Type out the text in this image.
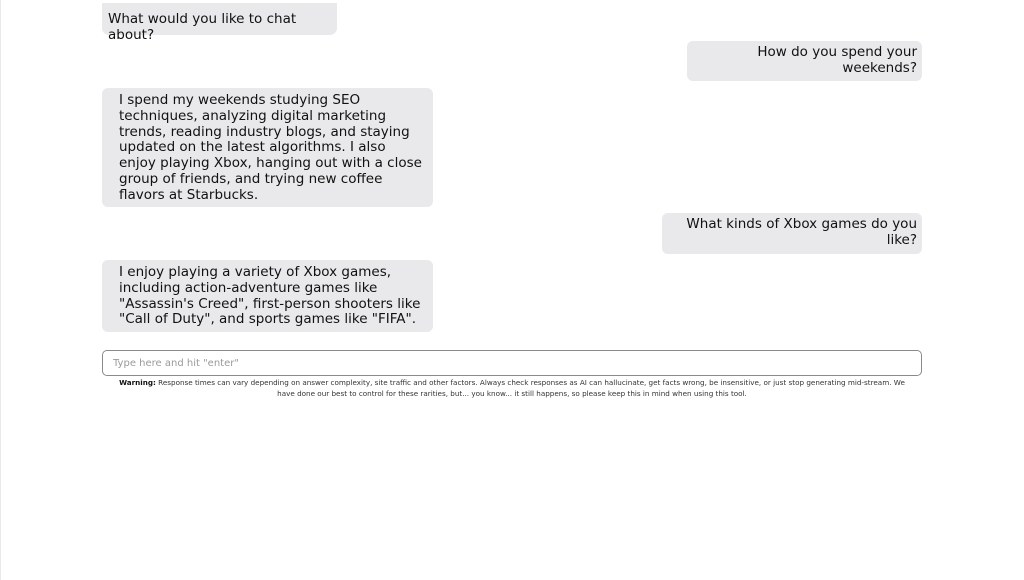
What would you like to chat about?
How do you spend your weekends?
I spend my weekends studying SEO techniques, analyzing digital marketing trends, reading industry blogs, and staying updated on the latest algorithms. I also enjoy playing Xbox, hanging out with a close group of friends, and trying new coffee flavors at Starbucks.
What kinds of Xbox games do you like?
I enjoy playing a variety of Xbox games, including action-adventure games like "Assassin's Creed", first-person shooters like "Call of Duty", and sports games like "FIFA".
Type here and hit "enter"
Warning: Response times can vary depending on answer complexity, site traffic and other factors. Always check responses as AI can hallucinate, get facts wrong, be insensitive, or just stop generating mid-stream. We have done our best to control for these rarities, but... you know... it still happens, so please keep this in mind when using this tool.
